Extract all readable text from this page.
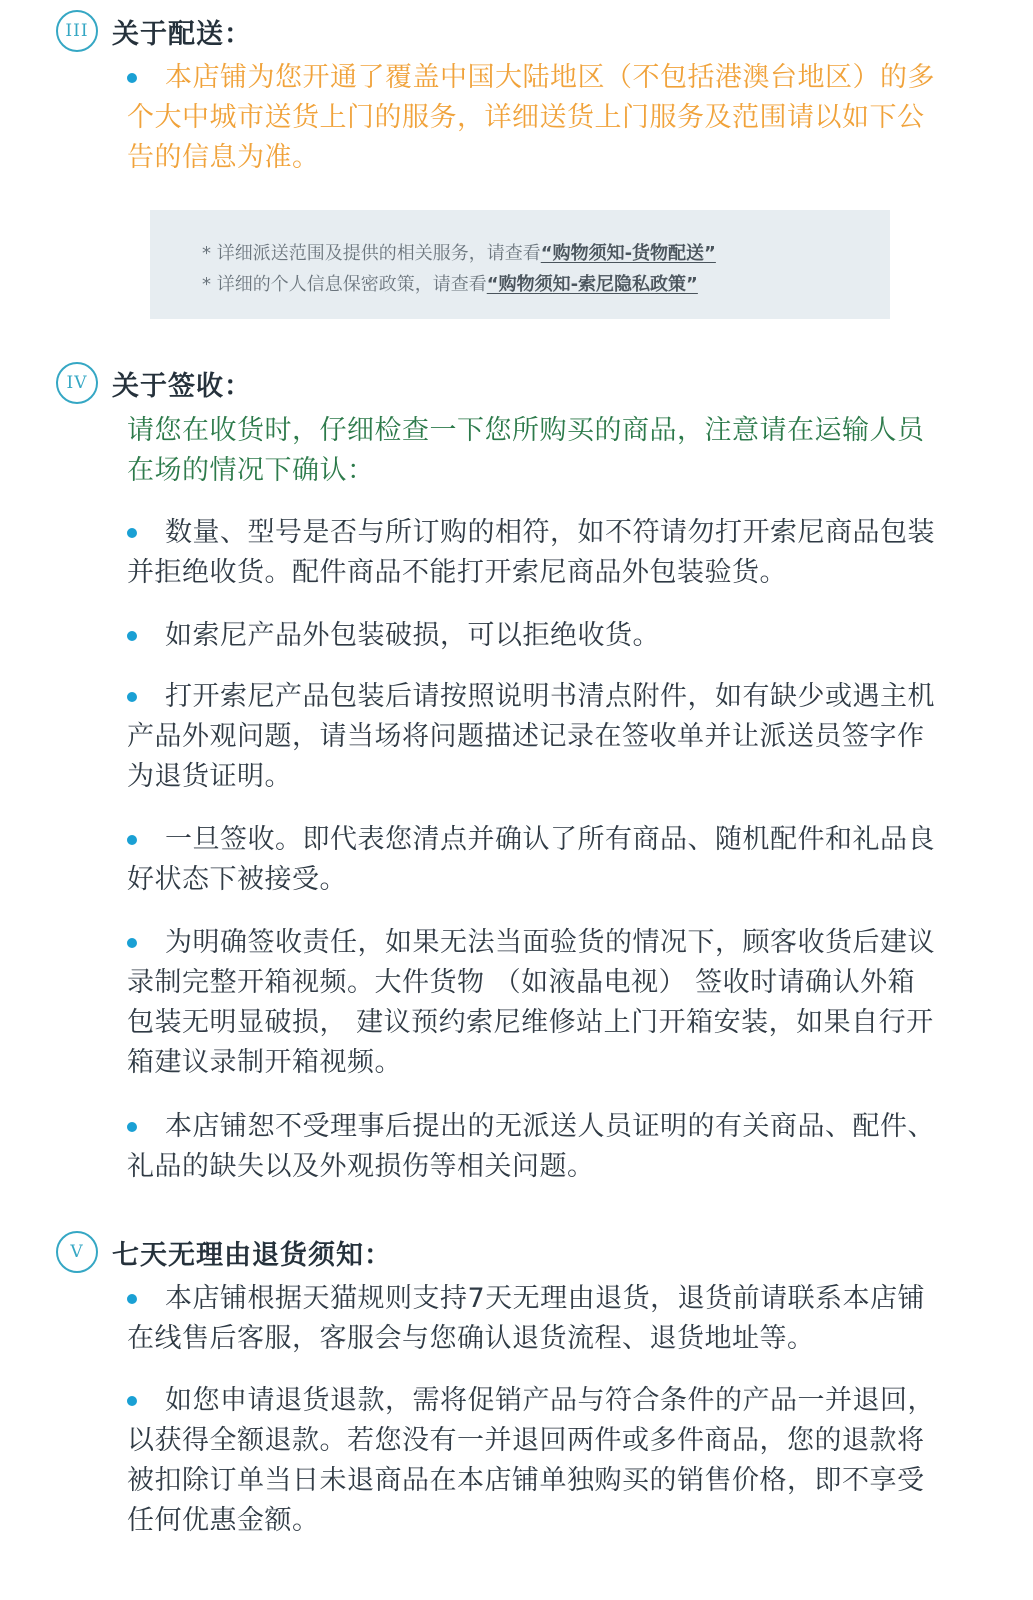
III 关于配送：
本店铺为您开通了覆盖中国大陆地区（不包括港澳台地区）的多个大中城市送货上门的服务，详细送货上门服务及范围请以如下公告的信息为准。
* 详细派送范围及提供的相关服务，请查看“购物须知-货物配送”
* 详细的个人信息保密政策，请查看“购物须知-索尼隐私政策”
IV 关于签收：
请您在收货时，仔细检查一下您所购买的商品，注意请在运输人员在场的情况下确认：
数量、型号是否与所订购的相符，如不符请勿打开索尼商品包装并拒绝收货。配件商品不能打开索尼商品外包装验货。
如索尼产品外包装破损，可以拒绝收货。
打开索尼产品包装后请按照说明书清点附件，如有缺少或遇主机产品外观问题，请当场将问题描述记录在签收单并让派送员签字作为退货证明。
一旦签收。即代表您清点并确认了所有商品、随机配件和礼品良好状态下被接受。
为明确签收责任，如果无法当面验货的情况下，顾客收货后建议录制完整开箱视频。大件货物 （如液晶电视） 签收时请确认外箱包装无明显破损， 建议预约索尼维修站上门开箱安装，如果自行开箱建议录制开箱视频。
本店铺恕不受理事后提出的无派送人员证明的有关商品、配件、礼品的缺失以及外观损伤等相关问题。
V	七天无理由退货须知：
本店铺根据天猫规则支持7天无理由退货，退货前请联系本店铺在线售后客服，客服会与您确认退货流程、退货地址等。
如您申请退货退款，需将促销产品与符合条件的产品一并退回，以获得全额退款。若您没有一并退回两件或多件商品，您的退款将被扣除订单当日未退商品在本店铺单独购买的销售价格，即不享受任何优惠金额。
